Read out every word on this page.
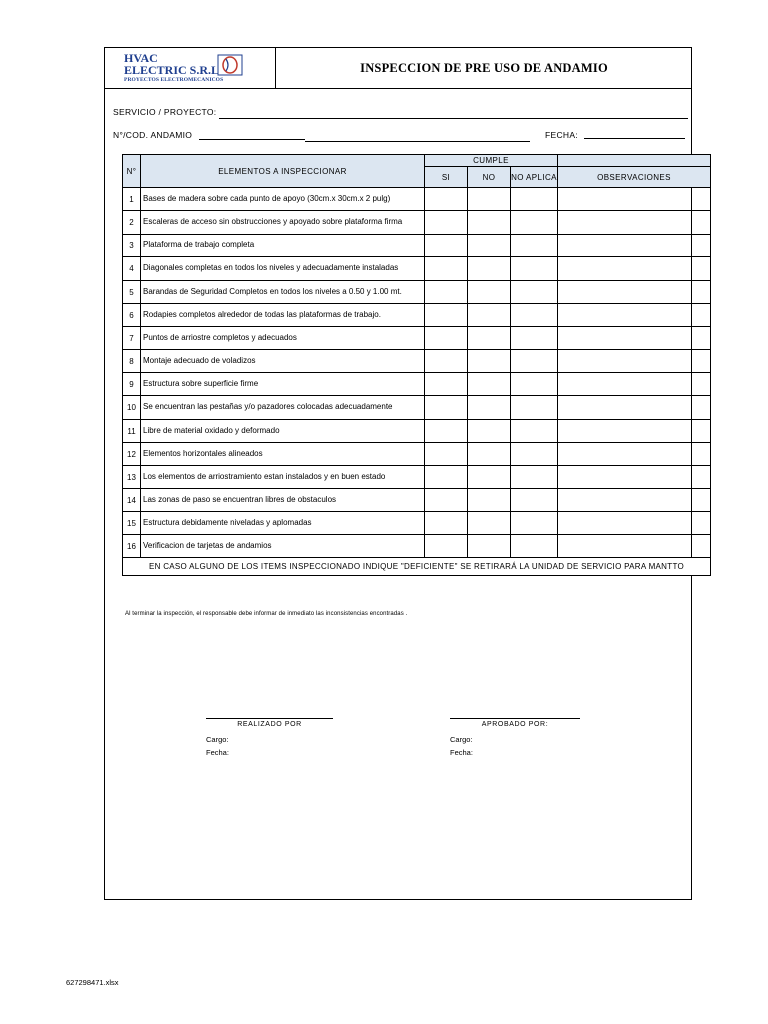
HVAC
ELECTRIC S.R.L
PROYECTOS ELECTROMECANICOS
INSPECCION DE PRE USO DE ANDAMIO
SERVICIO / PROYECTO:
N°/COD. ANDAMIO	FECHA:
N°	ELEMENTOS A INSPECCIONAR	CUMPLE			
		SI	NO	NO APLICA	OBSERVACIONES
1	Bases de madera sobre cada punto de apoyo (30cm.x 30cm.x 2 pulg)				
2	Escaleras de acceso sin obstrucciones y apoyado sobre plataforma firma				
3	Plataforma de trabajo completa				
4	Diagonales completas en todos los niveles y adecuadamente instaladas				
5	Barandas de Seguridad Completos en todos los niveles a 0.50 y 1.00 mt.				
6	Rodapies completos alrededor de todas las plataformas de trabajo.				
7	Puntos de arriostre completos y adecuados				
8	Montaje adecuado de voladizos				
9	Estructura sobre superficie firme				
10	Se encuentran las pestañas y/o pazadores colocadas adecuadamente				
11	Libre de material oxidado y deformado				
12	Elementos horizontales alineados				
13	Los elementos de arriostramiento estan instalados y en buen estado				
14	Las zonas de paso se encuentran libres de obstaculos				
15	Estructura debidamente niveladas y aplomadas				
16	Verificacion de tarjetas de andamios				
EN CASO ALGUNO DE LOS ITEMS INSPECCIONADO INDIQUE "DEFICIENTE" SE RETIRARÁ LA UNIDAD DE SERVICIO PARA MANTTO					
Al terminar la inspección, el responsable debe informar de inmediato las inconsistencias encontradas .
REALIZADO POR
Cargo:
Fecha:
APROBADO POR:
Cargo:
Fecha:
627298471.xlsx
